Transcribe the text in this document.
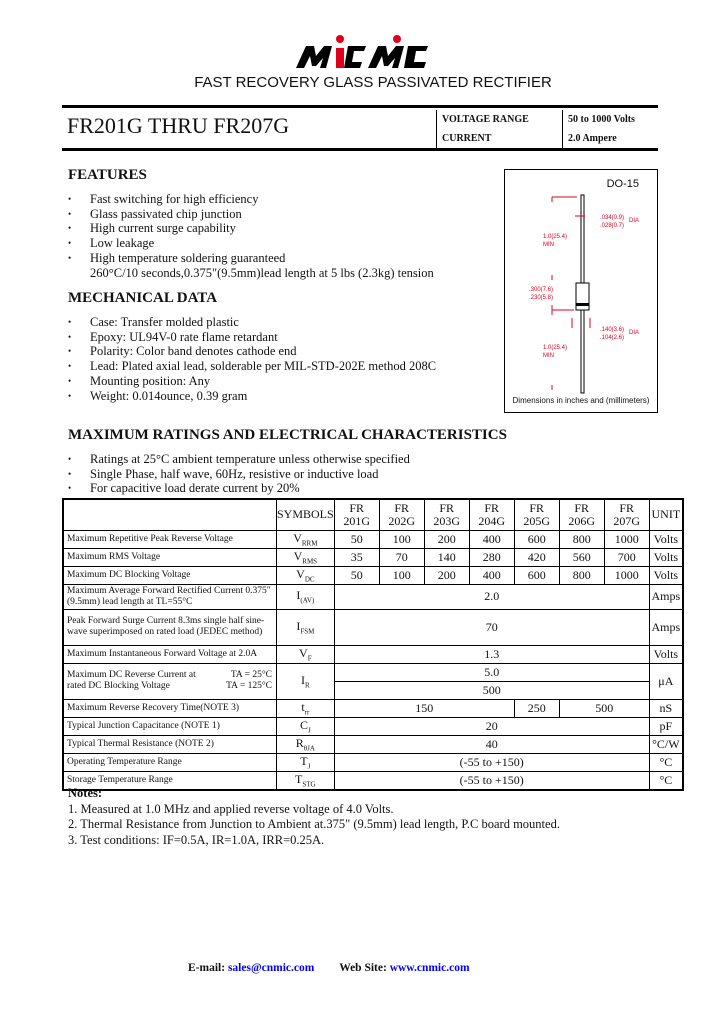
FAST RECOVERY GLASS PASSIVATED RECTIFIER
FR201G THRU FR207G	VOLTAGE RANGE	50 to 1000 Volts
CURRENT	2.0 Ampere
FEATURES
• Fast switching for high efficiency
• Glass passivated chip junction
• High current surge capability
• Low leakage
• High temperature soldering guaranteed
260°C/10 seconds,0.375"(9.5mm)lead length at 5 lbs (2.3kg) tension
MECHANICAL DATA
• Case: Transfer molded plastic
• Epoxy: UL94V-0 rate flame retardant
• Polarity: Color band denotes cathode end
• Lead: Plated axial lead, solderable per MIL-STD-202E method 208C
• Mounting position: Any
• Weight: 0.014ounce, 0.39 gram
DO-15
.034(0.9)
.028(0.7)
DIA
1.0(25.4)
MIN
.300(7.6)
.230(5.8)
.140(3.6)
.104(2.6)
DIA
1.0(25.4)
MIN
Dimensions in inches and (millimeters)
MAXIMUM RATINGS AND ELECTRICAL CHARACTERISTICS
• Ratings at 25°C ambient temperature unless otherwise specified
• Single Phase, half wave, 60Hz, resistive or inductive load
• For capacitive load derate current by 20%
	SYMBOLS	FR
201G	FR
202G	FR
203G	FR
204G	FR
205G	FR
206G	FR
207G	UNIT
Maximum Repetitive Peak Reverse Voltage	$V_{RRM}$	50	100	200	400	600	800	1000	Volts
Maximum RMS Voltage	$V_{RMS}$	35	70	140	280	420	560	700	Volts
Maximum DC Blocking Voltage	$V_{DC}$	50	100	200	400	600	800	1000	Volts
Maximum Average Forward Rectified Current 0.375" (9.5mm) lead length at TL=55°C	$I_{(AV)}$	2.0							Amps
Peak Forward Surge Current 8.3ms single half sine-wave superimposed on rated load (JEDEC method)	$I_{FSM}$	70							Amps
Maximum Instantaneous Forward Voltage at 2.0A	$V_F$	1.3							Volts

Maximum DC Reverse Current at rated DC Blocking Voltage
TA = 25°C
TA = 125°C	$I_R$	5.0							μA
		500							
Maximum Reverse Recovery Time(NOTE 3)	$t_{rr}$	150				250	500		nS
Typical Junction Capacitance (NOTE 1)	$C_J$	20							pF
Typical Thermal Resistance (NOTE 2)	$R_{\theta JA}$	40							°C/W
Operating Temperature Range	$T_J$	(-55 to +150)							°C
Storage Temperature Range	$T_{STG}$	(-55 to +150)							°C
Notes:
1. Measured at 1.0 MHz and applied reverse voltage of 4.0 Volts.
2. Thermal Resistance from Junction to Ambient at.375" (9.5mm) lead length, P.C board mounted.
3. Test conditions: IF=0.5A, IR=1.0A, IRR=0.25A.
E-mail: sales@cnmic.com Web Site: www.cnmic.com
